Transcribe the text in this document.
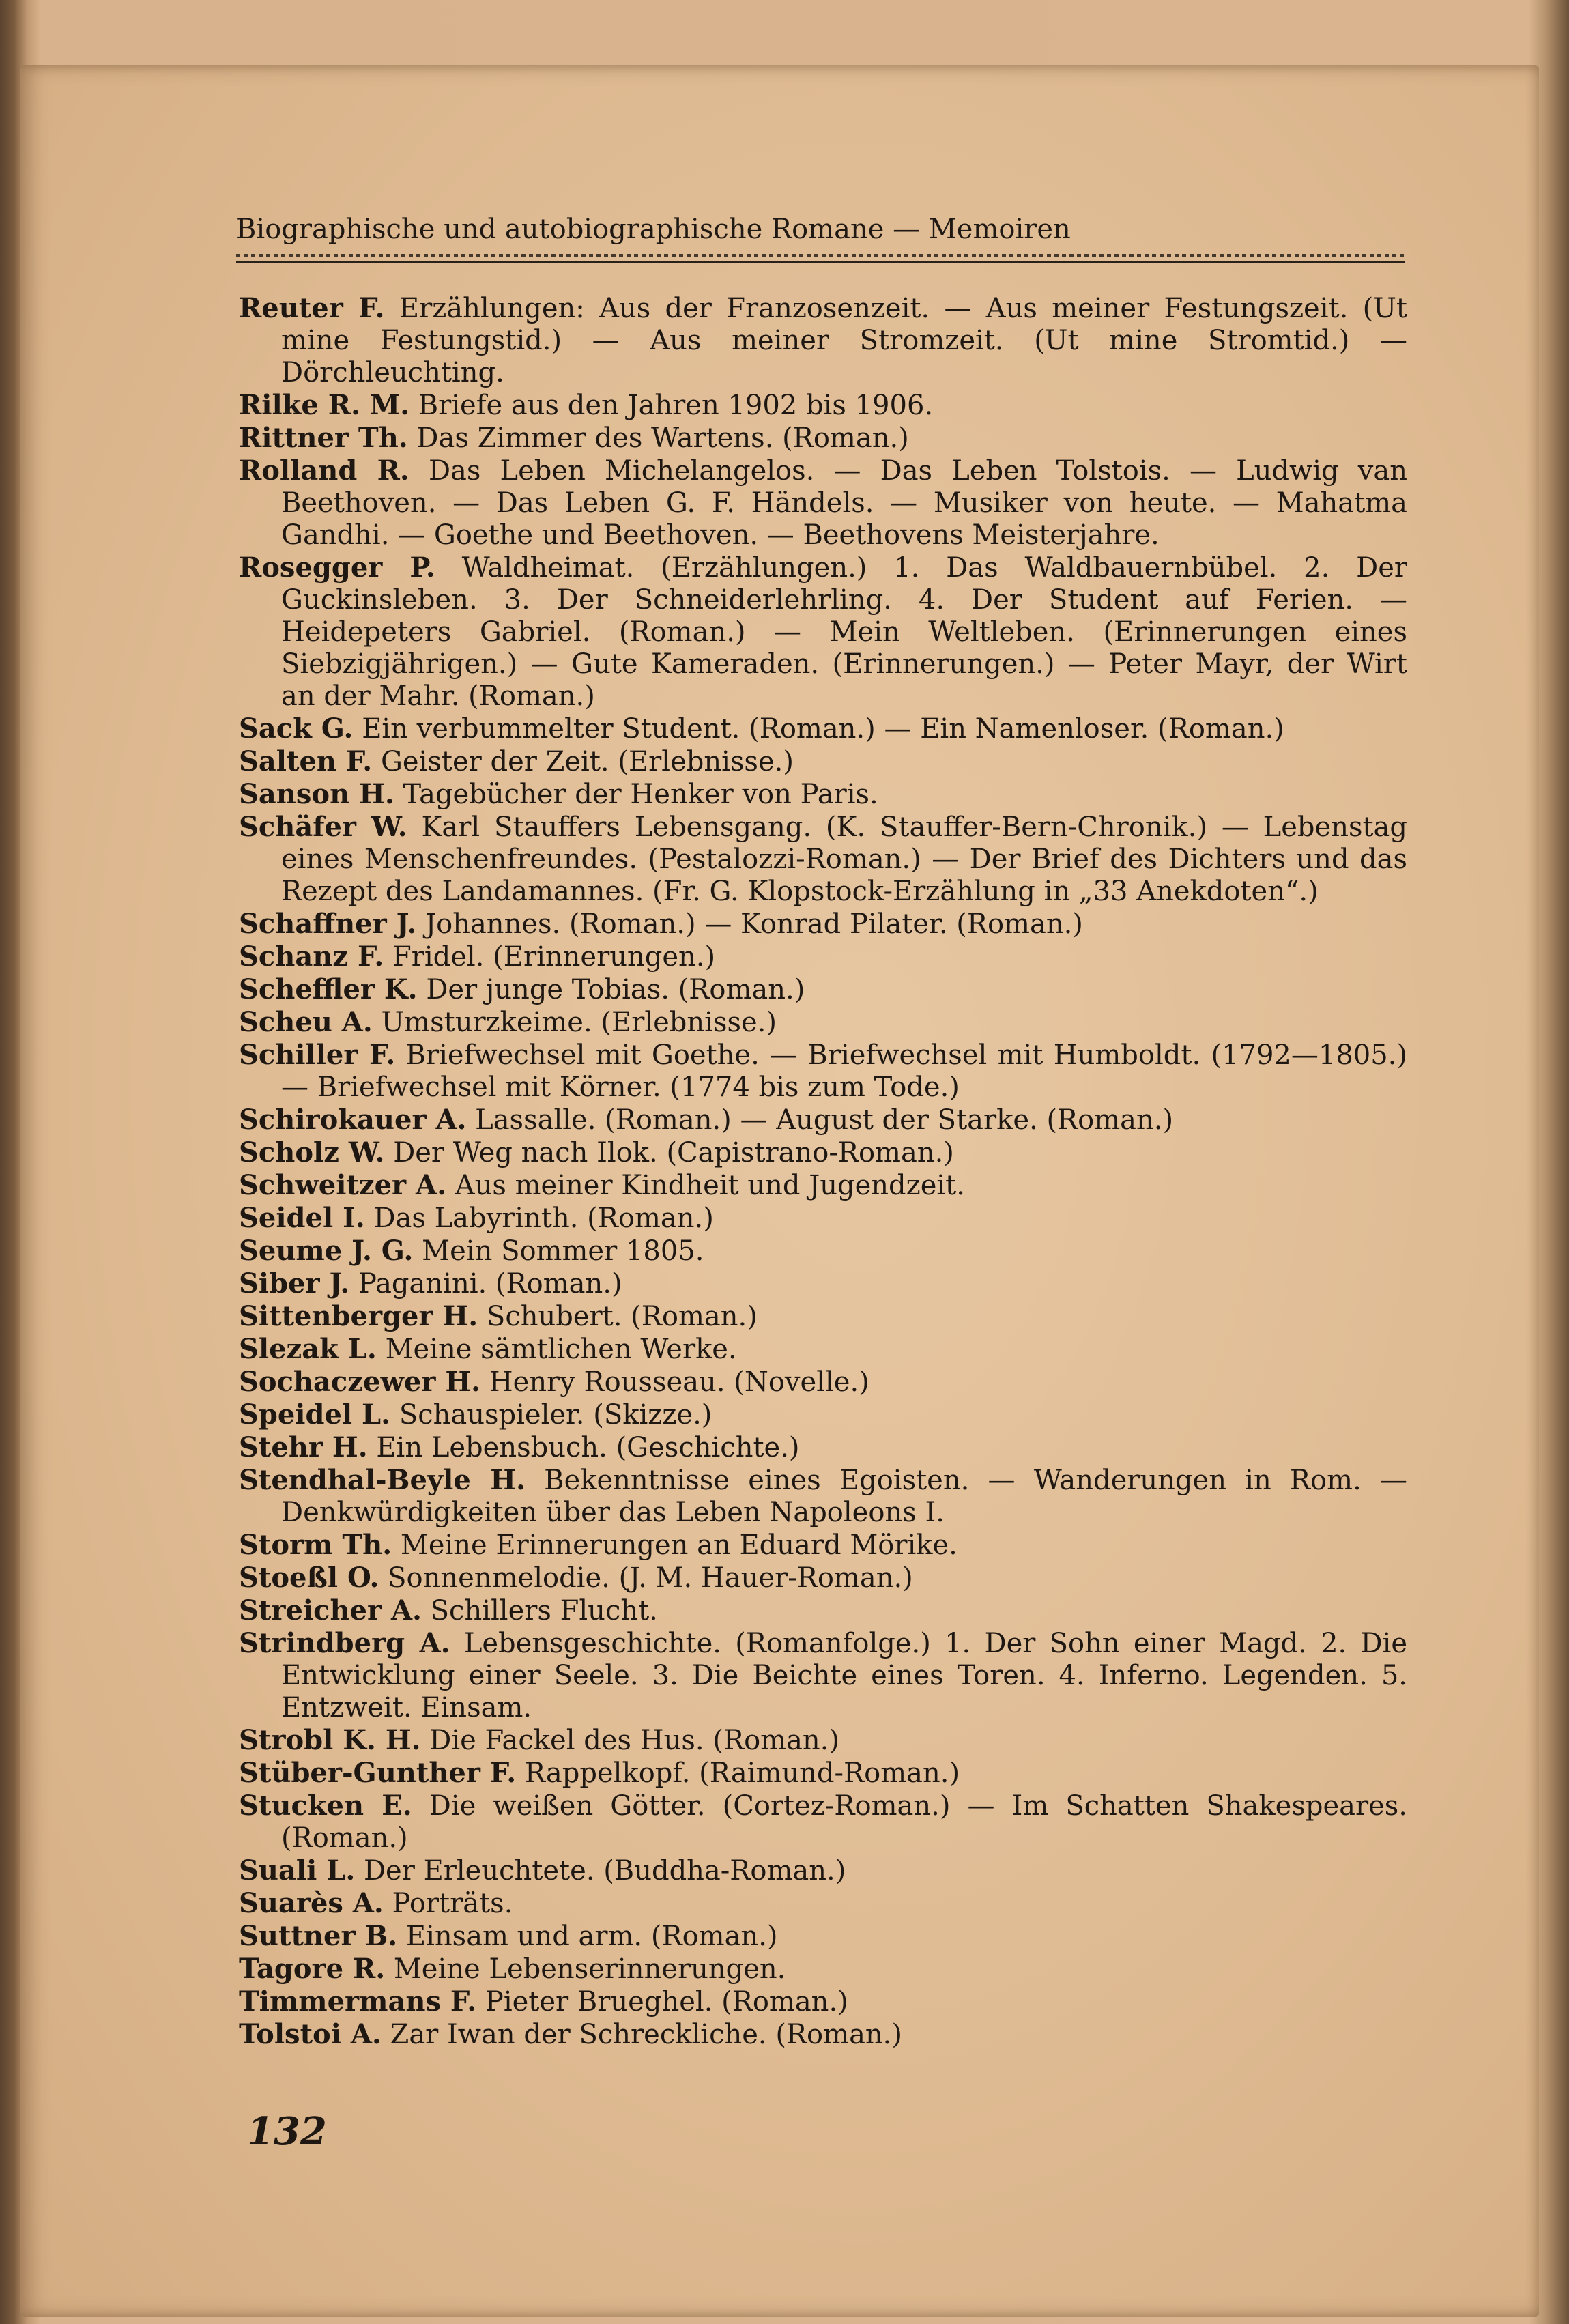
Biographische und autobiographische Romane — Memoiren

Reuter F. Erzählungen: Aus der Franzosenzeit. — Aus meiner Festungszeit. (Ut mine Festungstid.) — Aus meiner Stromzeit. (Ut mine Stromtid.) — Dörchleuchting.

Rilke R. M. Briefe aus den Jahren 1902 bis 1906.

Rittner Th. Das Zimmer des Wartens. (Roman.)

Rolland R. Das Leben Michelangelos. — Das Leben Tolstois. — Ludwig van Beethoven. — Das Leben G. F. Händels. — Musiker von heute. — Mahatma Gandhi. — Goethe und Beethoven. — Beethovens Meisterjahre.

Rosegger P. Waldheimat. (Erzählungen.) 1. Das Waldbauernbübel. 2. Der Guckinsleben. 3. Der Schneiderlehrling. 4. Der Student auf Ferien. — Heidepeters Gabriel. (Roman.) — Mein Weltleben. (Erinnerungen eines Siebzigjährigen.) — Gute Kameraden. (Erinnerungen.) — Peter Mayr, der Wirt an der Mahr. (Roman.)

Sack G. Ein verbummelter Student. (Roman.) — Ein Namenloser. (Roman.)

Salten F. Geister der Zeit. (Erlebnisse.)

Sanson H. Tagebücher der Henker von Paris.

Schäfer W. Karl Stauffers Lebensgang. (K. Stauffer-Bern-Chronik.) — Lebenstag eines Menschenfreundes. (Pestalozzi-Roman.) — Der Brief des Dichters und das Rezept des Landamannes. (Fr. G. Klopstock-Erzählung in „33 Anekdoten“.)

Schaffner J. Johannes. (Roman.) — Konrad Pilater. (Roman.)

Schanz F. Fridel. (Erinnerungen.)

Scheffler K. Der junge Tobias. (Roman.)

Scheu A. Umsturzkeime. (Erlebnisse.)

Schiller F. Briefwechsel mit Goethe. — Briefwechsel mit Humboldt. (1792—1805.) — Briefwechsel mit Körner. (1774 bis zum Tode.)

Schirokauer A. Lassalle. (Roman.) — August der Starke. (Roman.)

Scholz W. Der Weg nach Ilok. (Capistrano-Roman.)

Schweitzer A. Aus meiner Kindheit und Jugendzeit.

Seidel I. Das Labyrinth. (Roman.)

Seume J. G. Mein Sommer 1805.

Siber J. Paganini. (Roman.)

Sittenberger H. Schubert. (Roman.)

Slezak L. Meine sämtlichen Werke.

Sochaczewer H. Henry Rousseau. (Novelle.)

Speidel L. Schauspieler. (Skizze.)

Stehr H. Ein Lebensbuch. (Geschichte.)

Stendhal-Beyle H. Bekenntnisse eines Egoisten. — Wanderungen in Rom. — Denkwürdigkeiten über das Leben Napoleons I.

Storm Th. Meine Erinnerungen an Eduard Mörike.

Stoeßl O. Sonnenmelodie. (J. M. Hauer-Roman.)

Streicher A. Schillers Flucht.

Strindberg A. Lebensgeschichte. (Romanfolge.) 1. Der Sohn einer Magd. 2. Die Entwicklung einer Seele. 3. Die Beichte eines Toren. 4. Inferno. Legenden. 5. Entzweit. Einsam.

Strobl K. H. Die Fackel des Hus. (Roman.)

Stüber-Gunther F. Rappelkopf. (Raimund-Roman.)

Stucken E. Die weißen Götter. (Cortez-Roman.) — Im Schatten Shakespeares. (Roman.)

Suali L. Der Erleuchtete. (Buddha-Roman.)

Suarès A. Porträts.

Suttner B. Einsam und arm. (Roman.)

Tagore R. Meine Lebenserinnerungen.

Timmermans F. Pieter Brueghel. (Roman.)

Tolstoi A. Zar Iwan der Schreckliche. (Roman.)

132
